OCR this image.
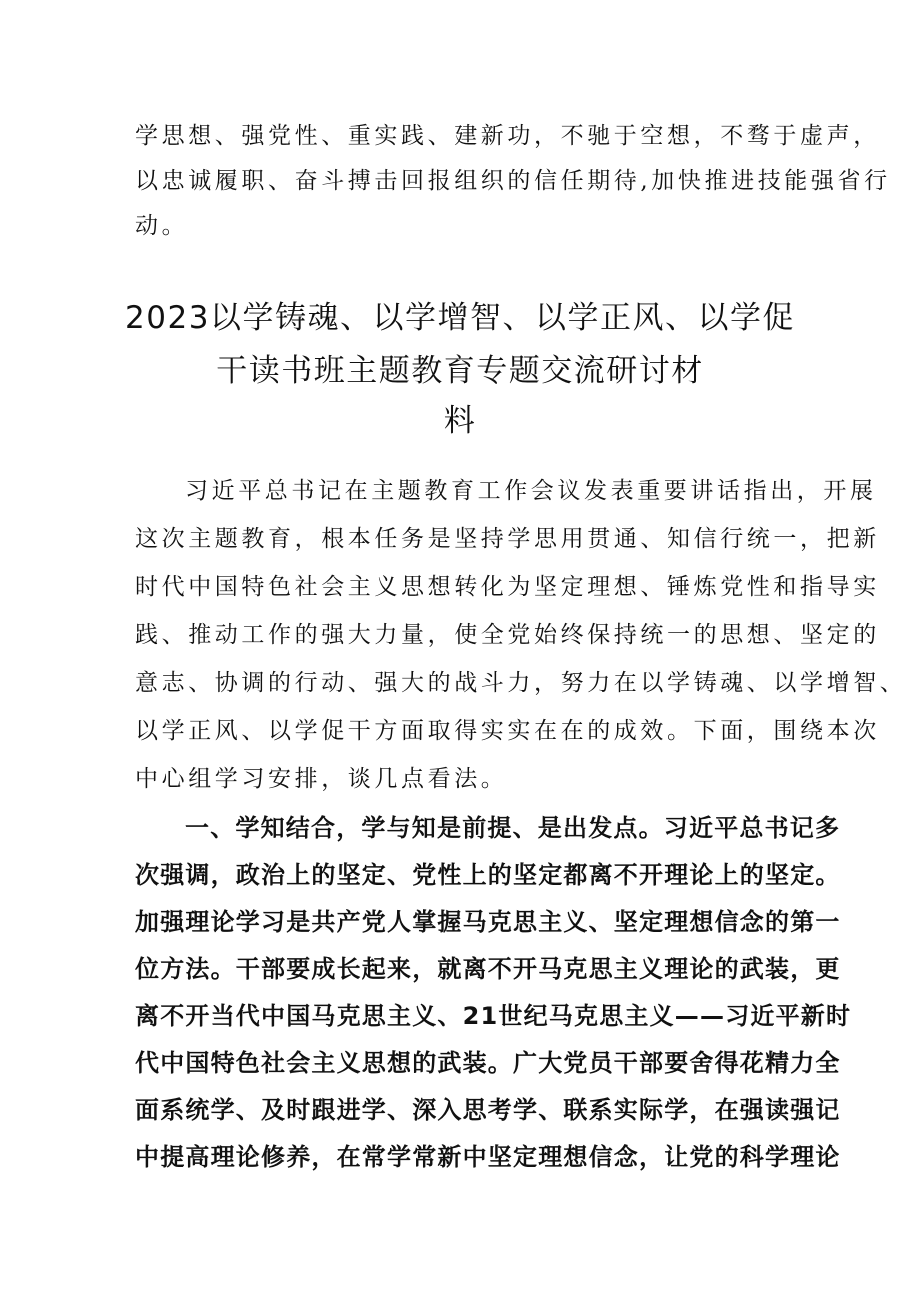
学思想、强党性、重实践、建新功，不驰于空想，不骛于虚声，

以忠诚履职、奋斗搏击回报组织的信任期待,加快推进技能强省行

动。

2023以学铸魂、以学增智、以学正风、以学促

干读书班主题教育专题交流研讨材

料

习近平总书记在主题教育工作会议发表重要讲话指出，开展

这次主题教育，根本任务是坚持学思用贯通、知信行统一，把新

时代中国特色社会主义思想转化为坚定理想、锤炼党性和指导实

践、推动工作的强大力量，使全党始终保持统一的思想、坚定的

意志、协调的行动、强大的战斗力，努力在以学铸魂、以学增智、

以学正风、以学促干方面取得实实在在的成效。下面，围绕本次

中心组学习安排，谈几点看法。

一、学知结合，学与知是前提、是出发点。习近平总书记多

次强调，政治上的坚定、党性上的坚定都离不开理论上的坚定。

加强理论学习是共产党人掌握马克思主义、坚定理想信念的第一

位方法。干部要成长起来，就离不开马克思主义理论的武装，更

离不开当代中国马克思主义、21世纪马克思主义——习近平新时

代中国特色社会主义思想的武装。广大党员干部要舍得花精力全

面系统学、及时跟进学、深入思考学、联系实际学，在强读强记

中提高理论修养，在常学常新中坚定理想信念，让党的科学理论
